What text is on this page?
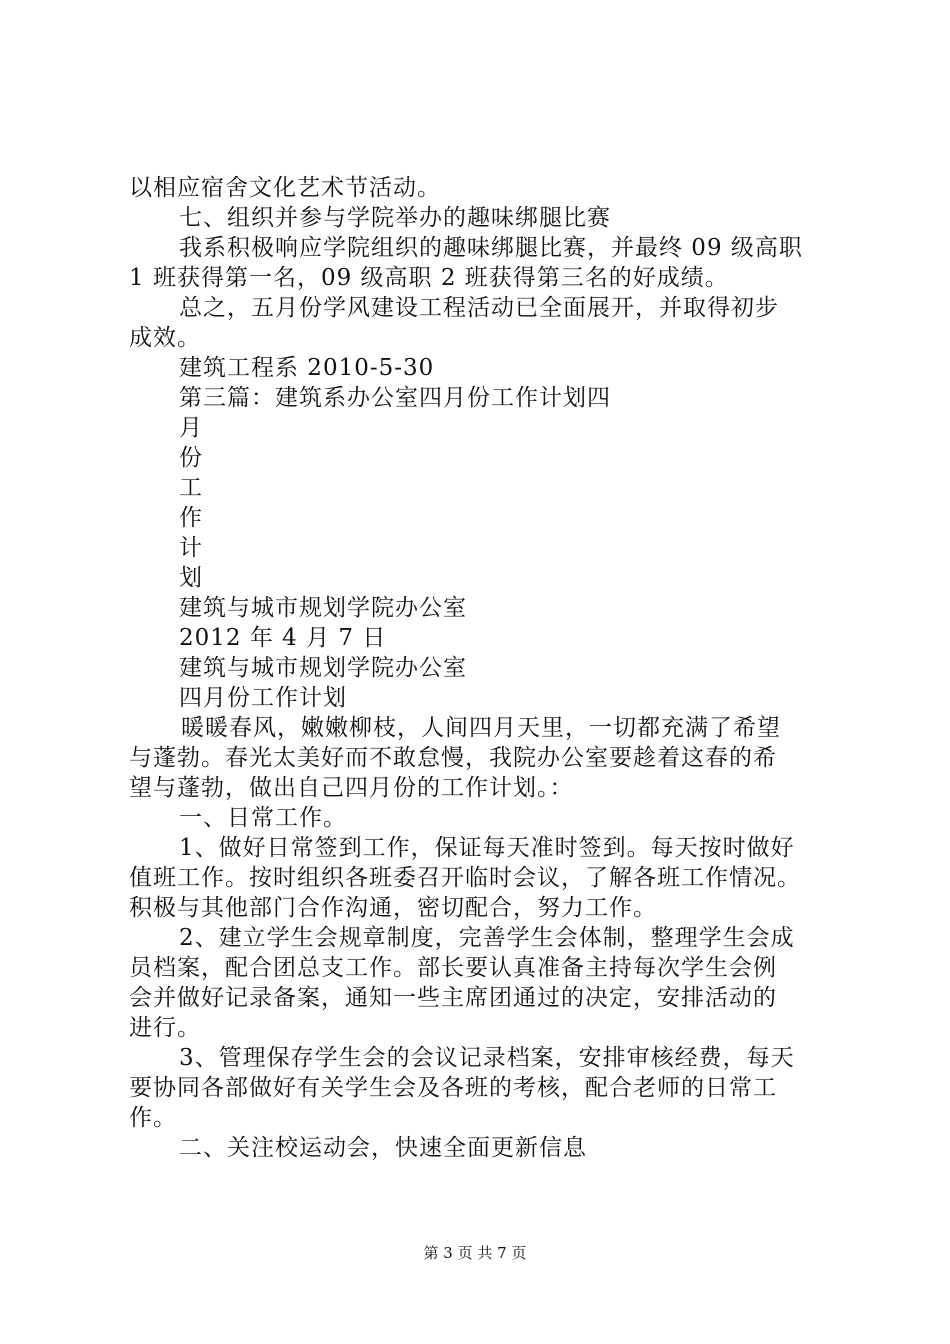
以相应宿舍文化艺术节活动。
七、组织并参与学院举办的趣味绑腿比赛
我系积极响应学院组织的趣味绑腿比赛，并最终 09 级高职
1 班获得第一名，09 级高职 2 班获得第三名的好成绩。
总之，五月份学风建设工程活动已全面展开，并取得初步
成效。
建筑工程系 2010-5-30
第三篇：建筑系办公室四月份工作计划四
月
份
工
作
计
划
建筑与城市规划学院办公室
2012 年 4 月 7 日
建筑与城市规划学院办公室
四月份工作计划
暖暖春风，嫩嫩柳枝，人间四月天里，一切都充满了希望
与蓬勃。春光太美好而不敢怠慢，我院办公室要趁着这春的希
望与蓬勃，做出自己四月份的工作计划。：
一、日常工作。
1、做好日常签到工作，保证每天准时签到。每天按时做好
值班工作。按时组织各班委召开临时会议，了解各班工作情况。
积极与其他部门合作沟通，密切配合，努力工作。
2、建立学生会规章制度，完善学生会体制，整理学生会成
员档案，配合团总支工作。部长要认真准备主持每次学生会例
会并做好记录备案，通知一些主席团通过的决定，安排活动的
进行。
3、管理保存学生会的会议记录档案，安排审核经费，每天
要协同各部做好有关学生会及各班的考核，配合老师的日常工
作。
二、关注校运动会，快速全面更新信息
第 3 页 共 7 页
